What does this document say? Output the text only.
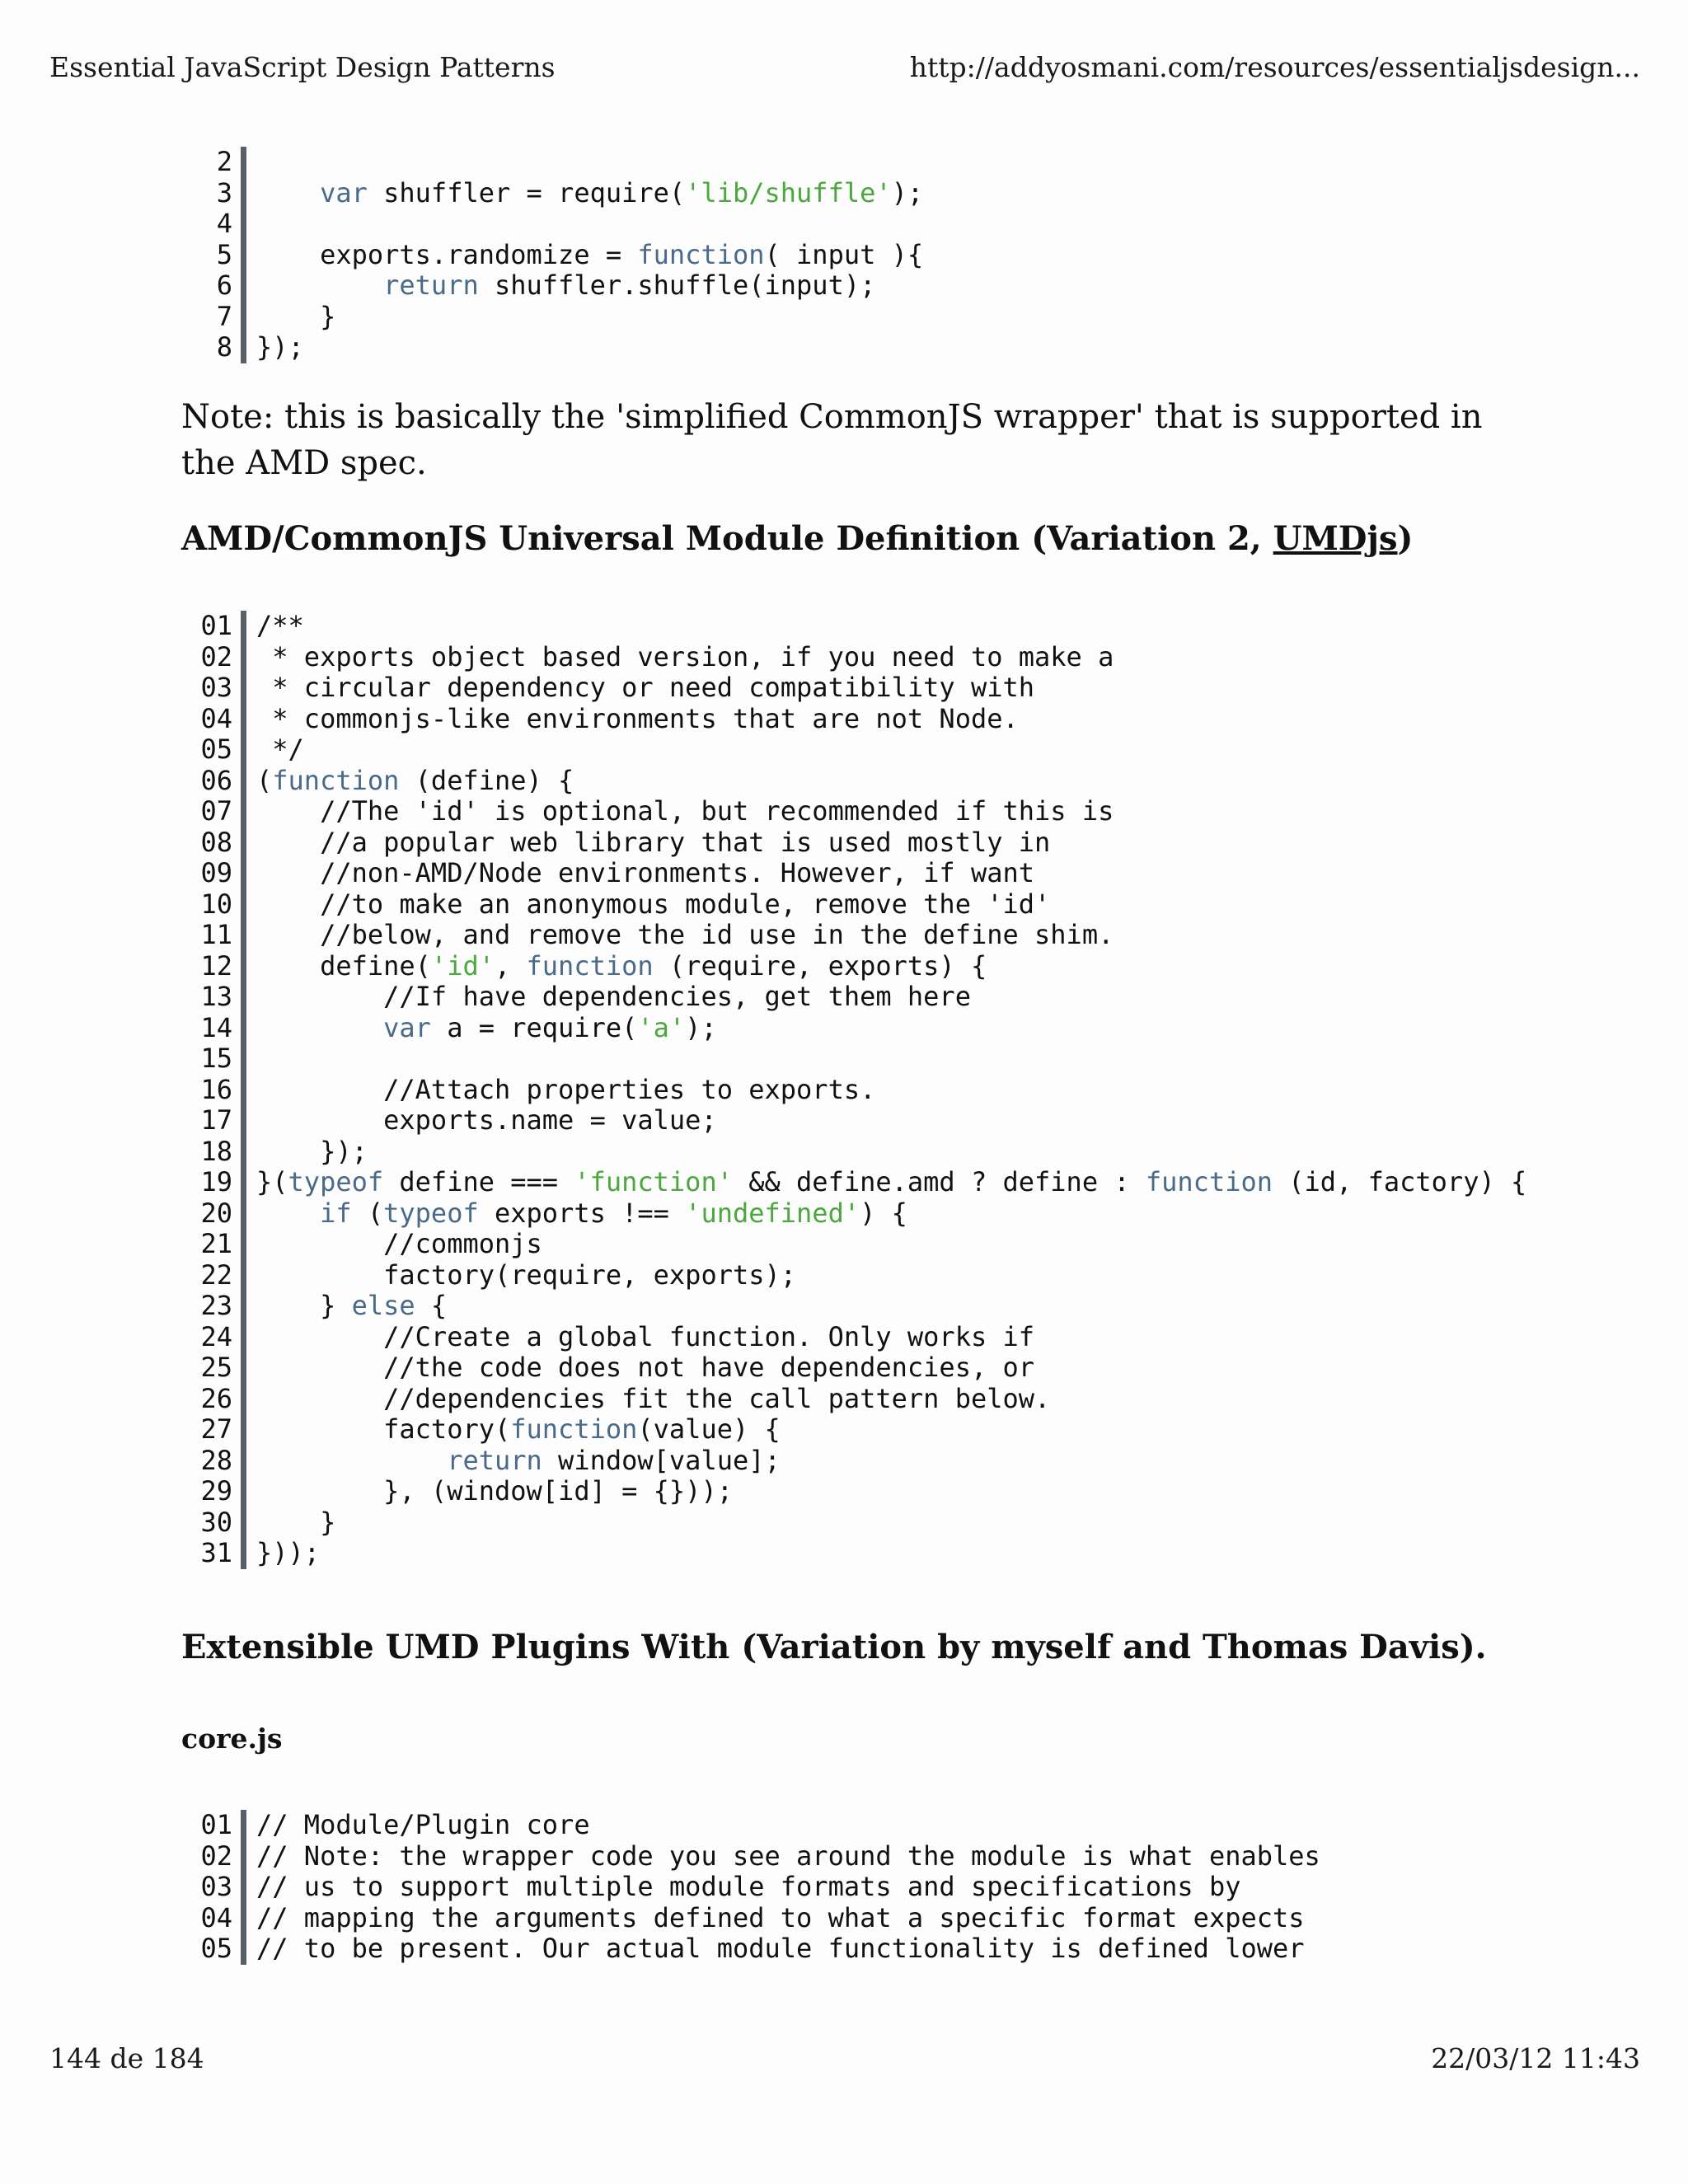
Essential JavaScript Design Patterns	http://addyosmani.com/resources/essentialjsdesign...
2

3	var shuffler = require('lib/shuffle');
4

5 exports.randomize = function( input ){
6	return shuffler.shuffle(input);
7 }
8 });
Note: this is basically the 'simplified CommonJS wrapper' that is supported in the AMD spec.
AMD/CommonJS Universal Module Definition (Variation 2, UMDjs)
01 /**
02 * exports object based version, if you need to make a
03 * circular dependency or need compatibility with
04 * commonjs-like environments that are not Node.
05 */
06 (function (define) {
07 //The 'id' is optional, but recommended if this is
08 //a popular web library that is used mostly in
09 //non-AMD/Node environments. However, if want
10 //to make an anonymous module, remove the 'id'
11 //below, and remove the id use in the define shim.
12 define('id', function (require, exports) {
13 //If have dependencies, get them here
14	var a = require('a');
15

16 //Attach properties to exports.
17 exports.name = value;
18 });
19 }(typeof define === 'function' && define.amd ? define : function (id, factory) {
20	if (typeof exports !== 'undefined') {
21 //commonjs
22 factory(require, exports);
23 } else {
24 //Create a global function. Only works if
25 //the code does not have dependencies, or
26 //dependencies fit the call pattern below.
27 factory(function(value) {
28	return window[value];
29 }, (window[id] = {}));
30 }
31 }));
Extensible UMD Plugins With (Variation by myself and Thomas Davis).
core.js
01 // Module/Plugin core
02 // Note: the wrapper code you see around the module is what enables
03 // us to support multiple module formats and specifications by
04 // mapping the arguments defined to what a specific format expects
05 // to be present. Our actual module functionality is defined lower
144 de 184	22/03/12 11:43
